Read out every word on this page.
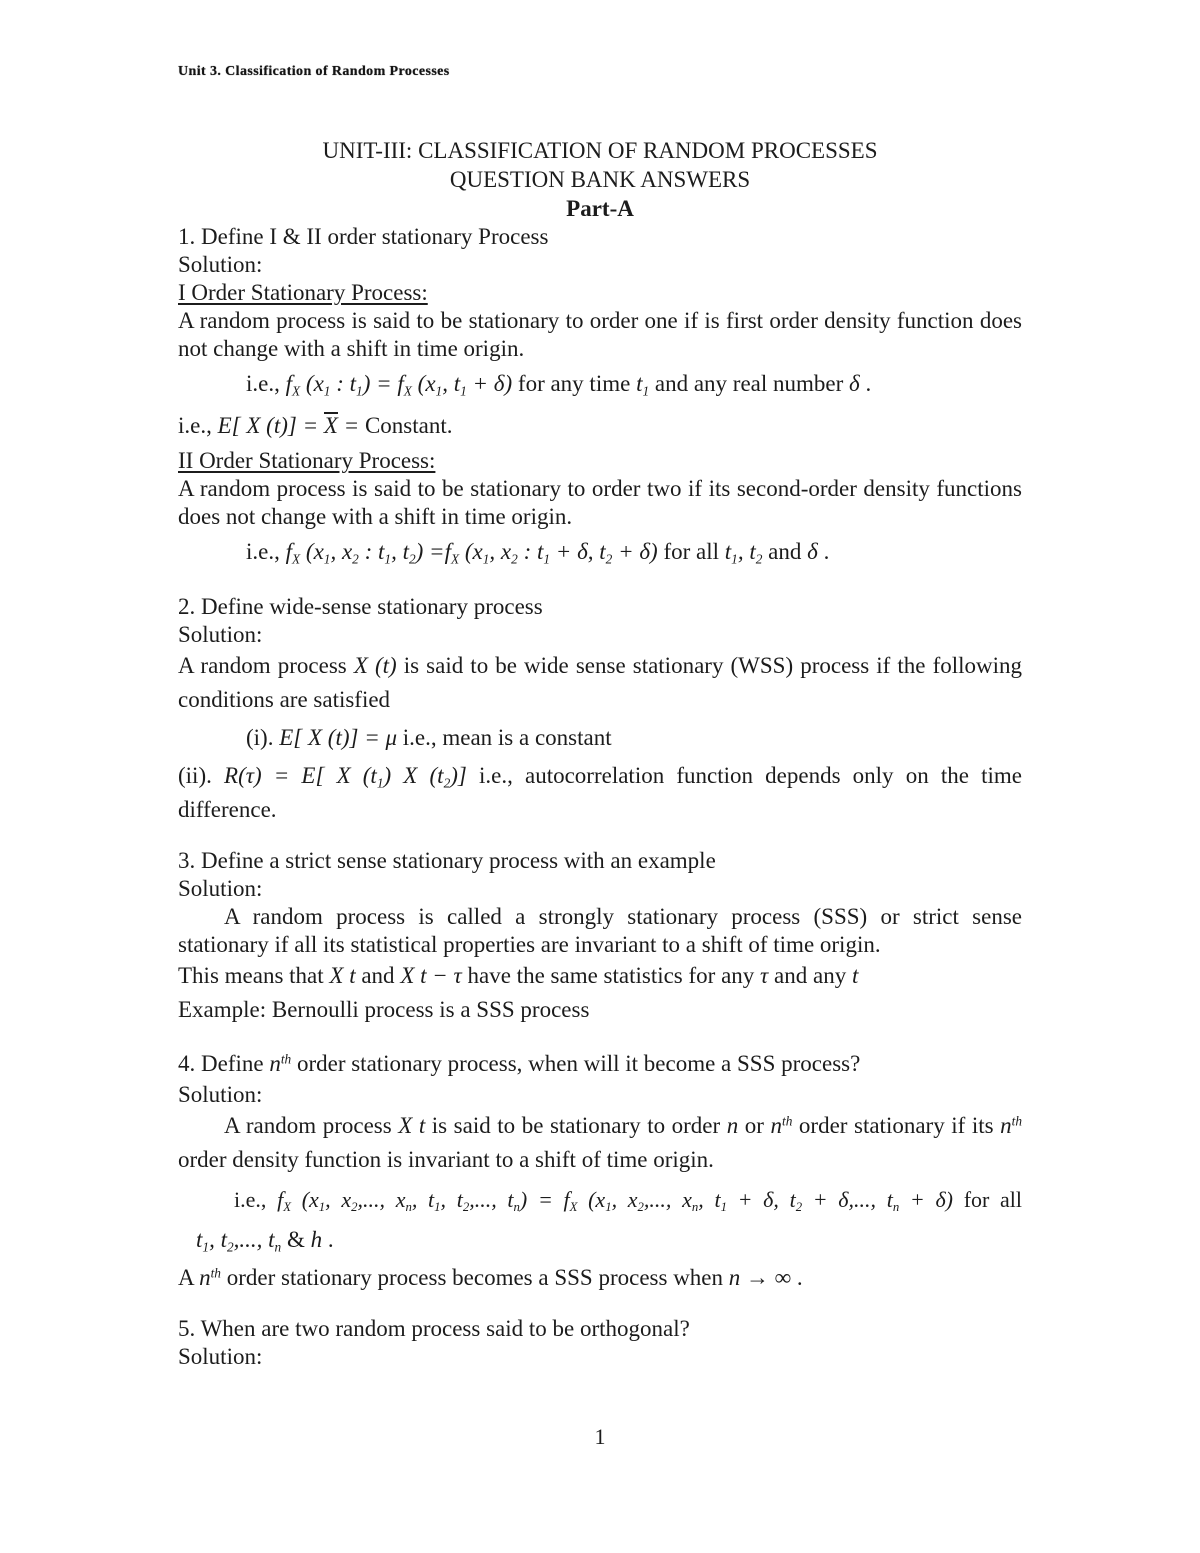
Unit 3. Classification of Random Processes
UNIT-III: CLASSIFICATION OF RANDOM PROCESSES
QUESTION BANK ANSWERS
Part-A
1. Define I & II order stationary Process
Solution:
I Order Stationary Process:
A random process is said to be stationary to order one if is first order density function does not change with a shift in time origin.
i.e., $f_X$ ($x_1$ : $t_1) = f_X$ ($x_1$, $t_1 + \delta$) for any time $t_1$ and any real number δ .
i.e., E[ X (t)] = X = Constant.
II Order Stationary Process:
A random process is said to be stationary to order two if its second-order density functions does not change with a shift in time origin.
i.e., $f_X$ ($x_1$, $x_2$ : $t_1$, $t_2) =f_X$ ($x_1$, $x_2$ : $t_1 + \delta$, $t_2 + \delta$) for all $t_1$, $t_2$ and δ .
2. Define wide-sense stationary process
Solution:
A random process X (t) is said to be wide sense stationary (WSS) process if the following conditions are satisfied
(i). E[ X (t)] = μ i.e., mean is a constant
(ii). R(τ) = E[ X $(t_1)$ X $(t_2)$] i.e., autocorrelation function depends only on the time difference.
3. Define a strict sense stationary process with an example
Solution:
A random process is called a strongly stationary process (SSS) or strict sense stationary if all its statistical properties are invariant to a shift of time origin.
This means that X t and X t − τ have the same statistics for any τ and any t
Example: Bernoulli process is a SSS process
4. Define $n^{th}$ order stationary process, when will it become a SSS process?
Solution:
A random process X t is said to be stationary to order n or $n^{th}$ order stationary if its $n^{th}$ order density function is invariant to a shift of time origin.
i.e., $f_X$ ($x_1$, $x_2$,..., $x_n$, $t_1$, $t_2$,..., $t_n) = f_X$ ($x_1$, $x_2$,..., $x_n$, $t_1 + \delta$, $t_2 + \delta$,..., $t_n + \delta$) for all
$t_1$, $t_2$,..., $t_n$ & h .
A $n^{th}$ order stationary process becomes a SSS process when n → ∞ .
5. When are two random process said to be orthogonal?
Solution:
1
